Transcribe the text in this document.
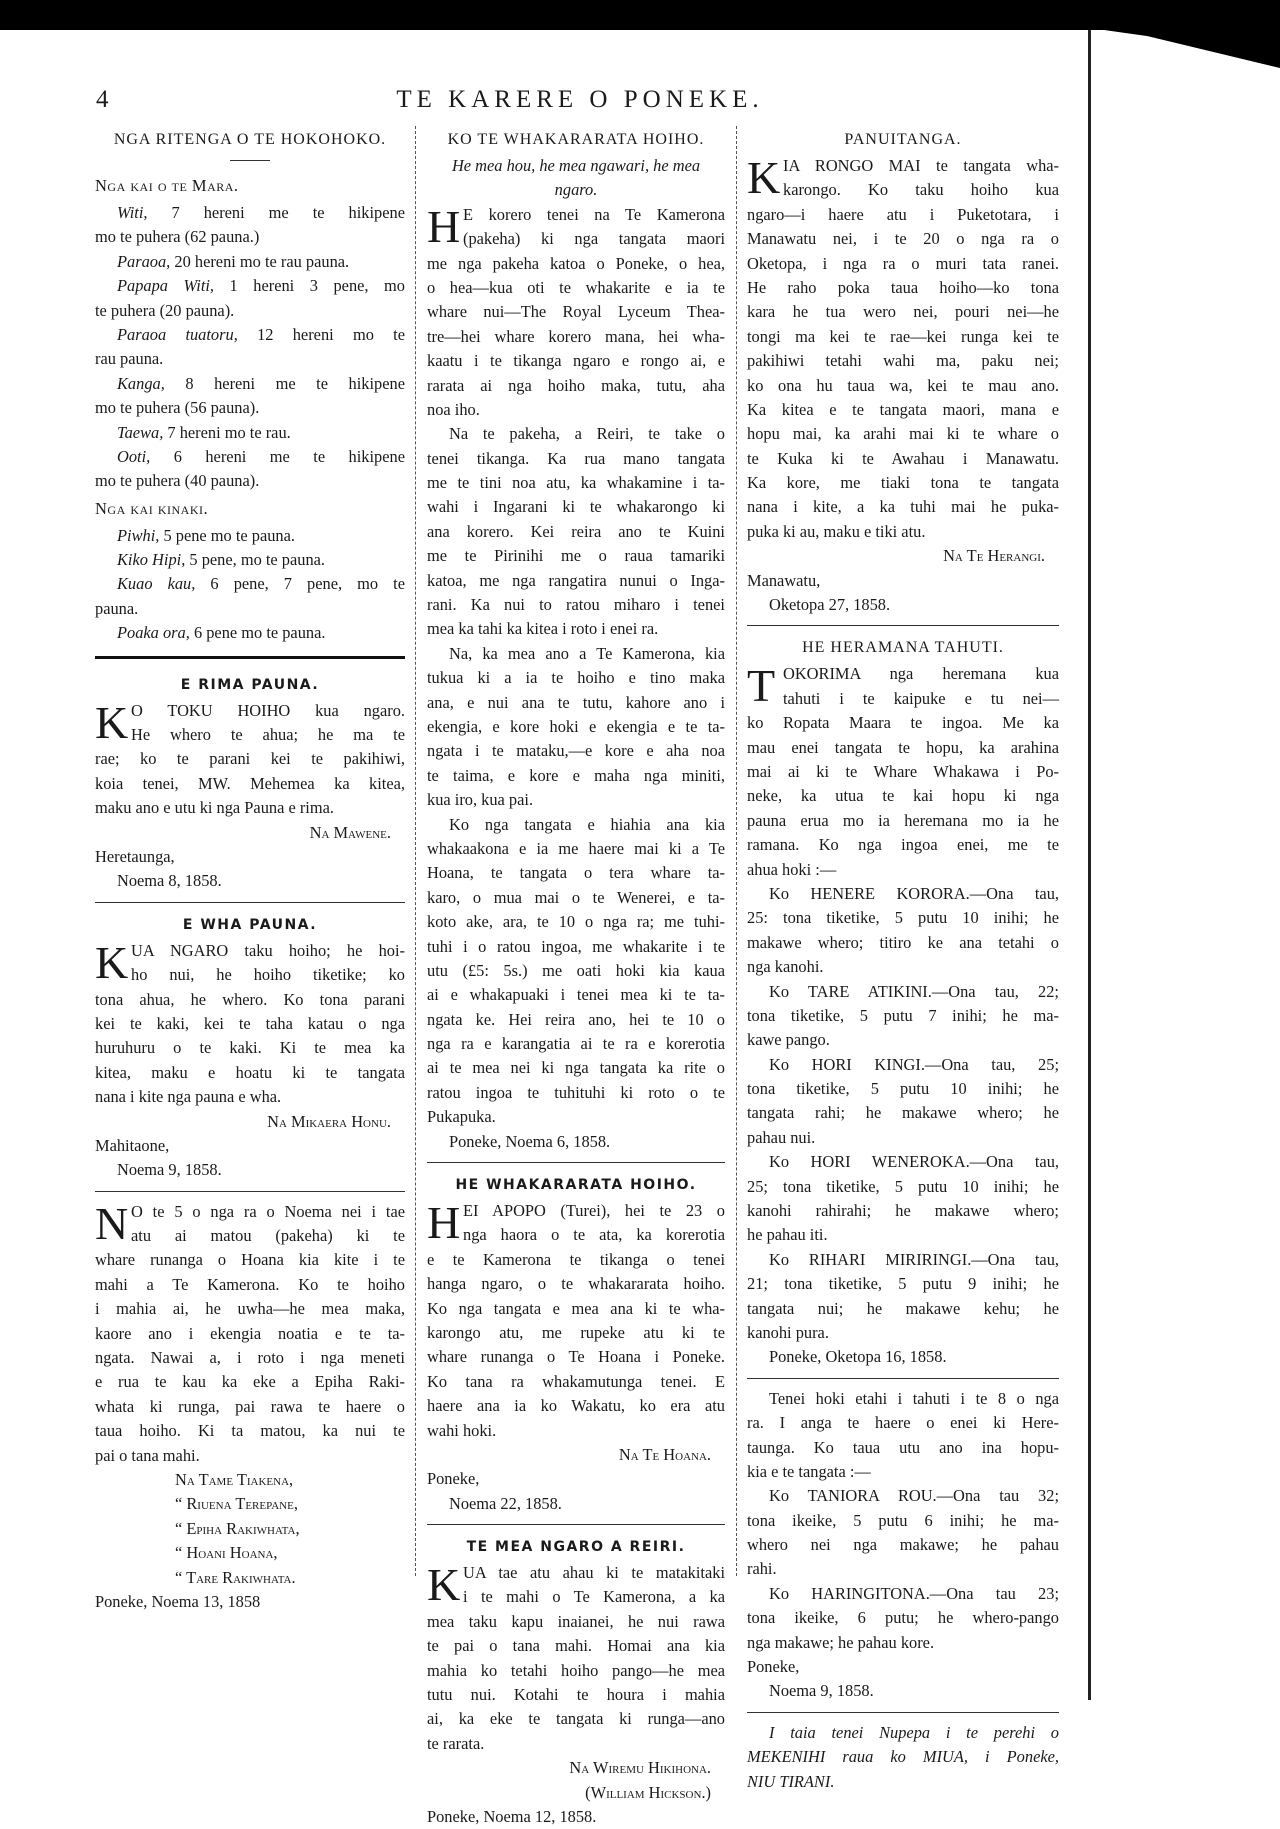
4	TE KARERE O PONEKE.
NGA RITENGA O TE HOKOHOKO.
Nga kai o te Mara.
Witi, 7 hereni me te hikipene
mo te puhera (62 pauna.)
Paraoa, 20 hereni mo te rau pauna.
Papapa Witi, 1 hereni 3 pene, mo
te puhera (20 pauna).
Paraoa tuatoru, 12 hereni mo te
rau pauna.
Kanga, 8 hereni me te hikipene
mo te puhera (56 pauna).
Taewa, 7 hereni mo te rau.
Ooti, 6 hereni me te hikipene
mo te puhera (40 pauna).
Nga kai kinaki.
Piwhi, 5 pene mo te pauna.
Kiko Hipi, 5 pene, mo te pauna.
Kuao kau, 6 pene, 7 pene, mo te
pauna.
Poaka ora, 6 pene mo te pauna.
E RIMA PAUNA.
K O TOKU HOIHO kua ngaro.
He whero te ahua; he ma te
rae; ko te parani kei te pakihiwi,
koia tenei, MW. Mehemea ka kitea,
maku ano e utu ki nga Pauna e rima.
Na Mawene.
Heretaunga,
Noema 8, 1858.
E WHA PAUNA.
K UA NGARO taku hoiho; he hoi-
ho nui, he hoiho tiketike; ko
tona ahua, he whero. Ko tona parani
kei te kaki, kei te taha katau o nga
huruhuru o te kaki. Ki te mea ka
kitea, maku e hoatu ki te tangata
nana i kite nga pauna e wha.
Na Mikaera Honu.
Mahitaone,
Noema 9, 1858.
N O te 5 o nga ra o Noema nei i tae
atu ai matou (pakeha) ki te
whare runanga o Hoana kia kite i te
mahi a Te Kamerona. Ko te hoiho
i mahia ai, he uwha—he mea maka,
kaore ano i ekengia noatia e te ta-
ngata. Nawai a, i roto i nga meneti
e rua te kau ka eke a Epiha Raki-
whata ki runga, pai rawa te haere o
taua hoiho. Ki ta matou, ka nui te
pai o tana mahi.
Na Tame Tiakena,
“ Riuena Terepane,
“ Epiha Rakiwhata,
“ Hoani Hoana,
“ Tare Rakiwhata.
Poneke, Noema 13, 1858
KO TE WHAKARARATA HOIHO.
He mea hou, he mea ngawari, he mea
ngaro.
H E korero tenei na Te Kamerona
(pakeha) ki nga tangata maori
me nga pakeha katoa o Poneke, o hea,
o hea—kua oti te whakarite e ia te
whare nui—The Royal Lyceum Thea-
tre—hei whare korero mana, hei wha-
kaatu i te tikanga ngaro e rongo ai, e
rarata ai nga hoiho maka, tutu, aha
noa iho.
Na te pakeha, a Reiri, te take o
tenei tikanga. Ka rua mano tangata
me te tini noa atu, ka whakamine i ta-
wahi i Ingarani ki te whakarongo ki
ana korero. Kei reira ano te Kuini
me te Pirinihi me o raua tamariki
katoa, me nga rangatira nunui o Inga-
rani. Ka nui to ratou miharo i tenei
mea ka tahi ka kitea i roto i enei ra.
Na, ka mea ano a Te Kamerona, kia
tukua ki a ia te hoiho e tino maka
ana, e nui ana te tutu, kahore ano i
ekengia, e kore hoki e ekengia e te ta-
ngata i te mataku,—e kore e aha noa
te taima, e kore e maha nga miniti,
kua iro, kua pai.
Ko nga tangata e hiahia ana kia
whakaakona e ia me haere mai ki a Te
Hoana, te tangata o tera whare ta-
karo, o mua mai o te Wenerei, e ta-
koto ake, ara, te 10 o nga ra; me tuhi-
tuhi i o ratou ingoa, me whakarite i te
utu (£5: 5s.) me oati hoki kia kaua
ai e whakapuaki i tenei mea ki te ta-
ngata ke. Hei reira ano, hei te 10 o
nga ra e karangatia ai te ra e korerotia
ai te mea nei ki nga tangata ka rite o
ratou ingoa te tuhituhi ki roto o te
Pukapuka.
Poneke, Noema 6, 1858.
HE WHAKARARATA HOIHO.
H EI APOPO (Turei), hei te 23 o
nga haora o te ata, ka korerotia
e te Kamerona te tikanga o tenei
hanga ngaro, o te whakararata hoiho.
Ko nga tangata e mea ana ki te wha-
karongo atu, me rupeke atu ki te
whare runanga o Te Hoana i Poneke.
Ko tana ra whakamutunga tenei. E
haere ana ia ko Wakatu, ko era atu
wahi hoki.
Na Te Hoana.
Poneke,
Noema 22, 1858.
TE MEA NGARO A REIRI.
K UA tae atu ahau ki te matakitaki
i te mahi o Te Kamerona, a ka
mea taku kapu inaianei, he nui rawa
te pai o tana mahi. Homai ana kia
mahia ko tetahi hoiho pango—he mea
tutu nui. Kotahi te houra i mahia
ai, ka eke te tangata ki runga—ano
te rarata.
Na Wiremu Hikihona.
(William Hickson.)
Poneke, Noema 12, 1858.
PANUITANGA.
K IA RONGO MAI te tangata wha-
karongo. Ko taku hoiho kua
ngaro—i haere atu i Puketotara, i
Manawatu nei, i te 20 o nga ra o
Oketopa, i nga ra o muri tata ranei.
He raho poka taua hoiho—ko tona
kara he tua wero nei, pouri nei—he
tongi ma kei te rae—kei runga kei te
pakihiwi tetahi wahi ma, paku nei;
ko ona hu taua wa, kei te mau ano.
Ka kitea e te tangata maori, mana e
hopu mai, ka arahi mai ki te whare o
te Kuka ki te Awahau i Manawatu.
Ka kore, me tiaki tona te tangata
nana i kite, a ka tuhi mai he puka-
puka ki au, maku e tiki atu.
Na Te Herangi.
Manawatu,
Oketopa 27, 1858.
HE HERAMANA TAHUTI.
T OKORIMA nga heremana kua
tahuti i te kaipuke e tu nei—
ko Ropata Maara te ingoa. Me ka
mau enei tangata te hopu, ka arahina
mai ai ki te Whare Whakawa i Po-
neke, ka utua te kai hopu ki nga
pauna erua mo ia heremana mo ia he
ramana. Ko nga ingoa enei, me te
ahua hoki :—
Ko HENERE KORORA.—Ona tau,
25: tona tiketike, 5 putu 10 inihi; he
makawe whero; titiro ke ana tetahi o
nga kanohi.
Ko TARE ATIKINI.—Ona tau, 22;
tona tiketike, 5 putu 7 inihi; he ma-
kawe pango.
Ko HORI KINGI.—Ona tau, 25;
tona tiketike, 5 putu 10 inihi; he
tangata rahi; he makawe whero; he
pahau nui.
Ko HORI WENEROKA.—Ona tau,
25; tona tiketike, 5 putu 10 inihi; he
kanohi rahirahi; he makawe whero;
he pahau iti.
Ko RIHARI MIRIRINGI.—Ona tau,
21; tona tiketike, 5 putu 9 inihi; he
tangata nui; he makawe kehu; he
kanohi pura.
Poneke, Oketopa 16, 1858.
Tenei hoki etahi i tahuti i te 8 o nga
ra. I anga te haere o enei ki Here-
taunga. Ko taua utu ano ina hopu-
kia e te tangata :—
Ko TANIORA ROU.—Ona tau 32;
tona ikeike, 5 putu 6 inihi; he ma-
whero nei nga makawe; he pahau
rahi.
Ko HARINGITONA.—Ona tau 23;
tona ikeike, 6 putu; he whero-pango
nga makawe; he pahau kore.
Poneke,
Noema 9, 1858.
I taia tenei Nupepa i te perehi o
MEKENIHI raua ko MIUA, i Poneke,
NIU TIRANI.
